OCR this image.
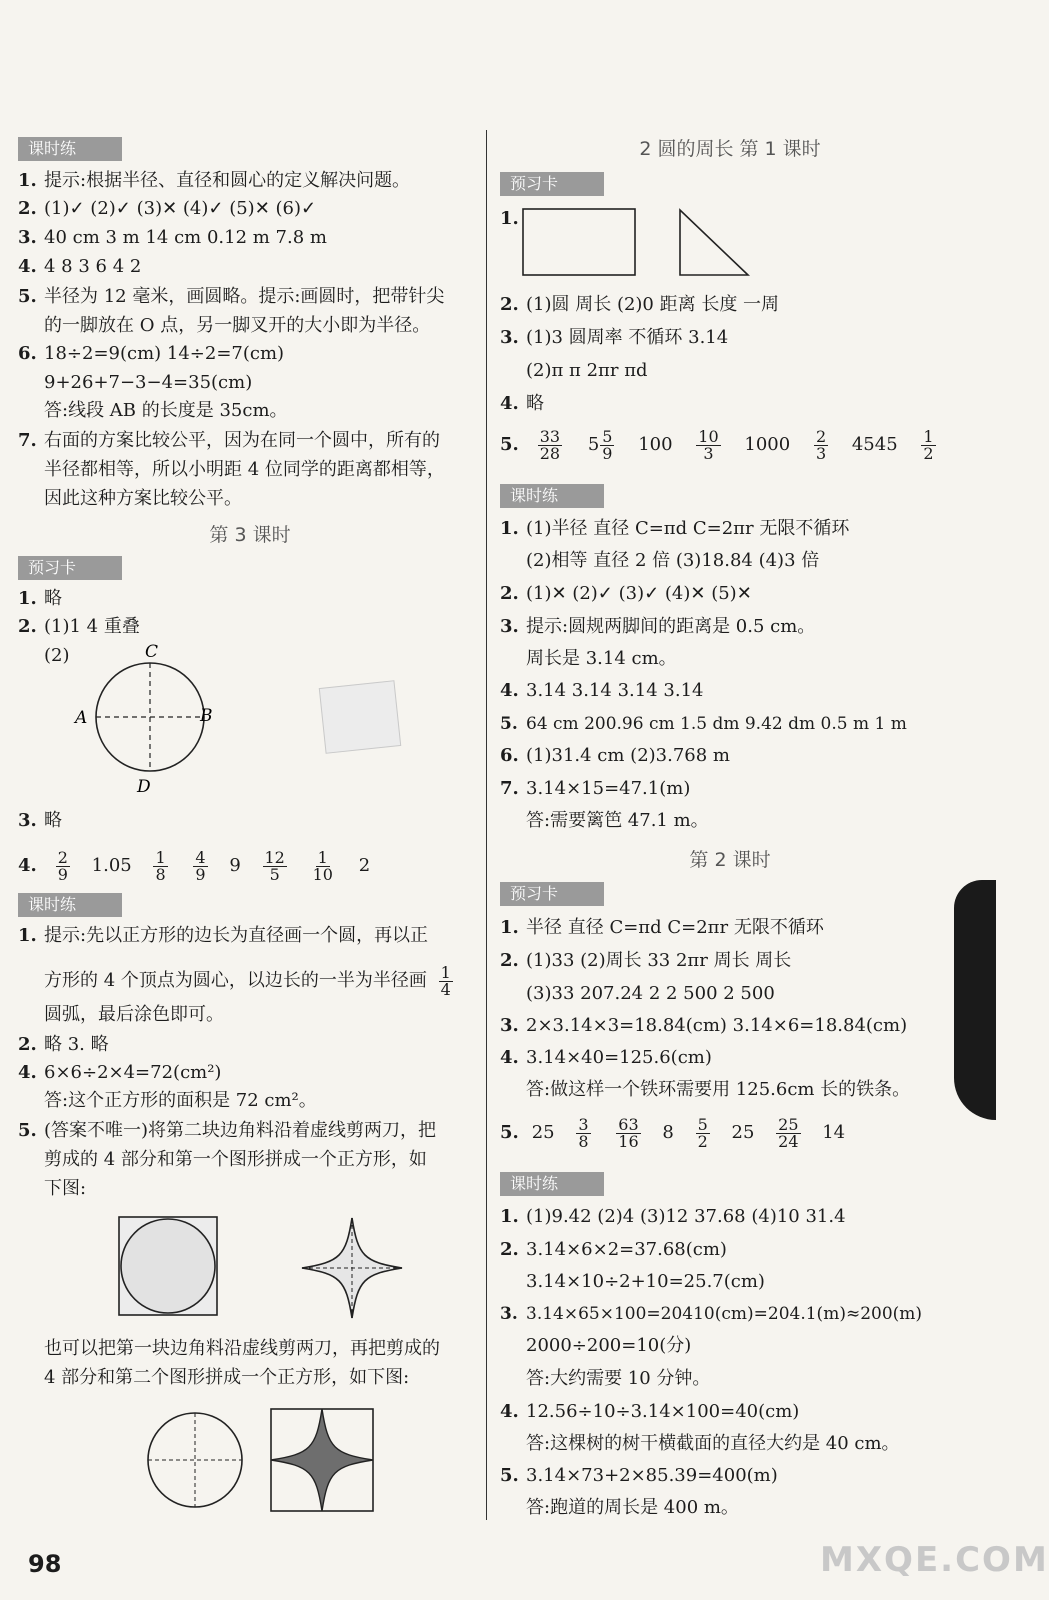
课时练
1. 提示:根据半径、直径和圆心的定义解决问题。
2. (1)✓ (2)✓ (3)✕ (4)✓ (5)✕ (6)✓
3. 40 cm 3 m 14 cm 0.12 m 7.8 m
4. 4 8 3 6 4 2
5. 半径为 12 毫米，画圆略。提示:画圆时，把带针尖
的一脚放在 O 点，另一脚叉开的大小即为半径。
6. 18÷2=9(cm) 14÷2=7(cm)
9+26+7−3−4=35(cm)
答:线段 AB 的长度是 35cm。
7. 右面的方案比较公平，因为在同一个圆中，所有的
半径都相等，所以小明距 4 位同学的距离都相等，
因此这种方案比较公平。
第 3 课时
预习卡
1. 略
2. (1)1 4 重叠
(2)	C
A	B
D
3. 略
4. $\frac{2}{9} 1.05 \frac{1}{8}$
$\frac{4}{9} 9 \frac{12}{5}$
$\frac{1}{10} 2$
课时练
1. 提示:先以正方形的边长为直径画一个圆，再以正
方形的 4 个顶点为圆心，以边长的一半为半径画 $\frac{1}{4}$
圆弧，最后涂色即可。
2. 略 3. 略
4. 6×6÷2×4=72(cm²)
答:这个正方形的面积是 72 cm²。
5. (答案不唯一)将第二块边角料沿着虚线剪两刀，把
剪成的 4 部分和第一个图形拼成一个正方形，如
下图:
也可以把第一块边角料沿虚线剪两刀，再把剪成的
4 部分和第二个图形拼成一个正方形，如下图:
2 圆的周长 第 1 课时
预习卡
1.
2. (1)圆 周长 (2)0 距离 长度 一周
3. (1)3 圆周率 不循环 3.14
(2)π π 2πr πd
4. 略
5. $\frac{33}{28}$
$5 \frac{5}{9} 100 \frac{10}{3} 1000 \frac{2}{3} 4545 \frac{1}{2}$
课时练
1. (1)半径 直径 C=πd C=2πr 无限不循环
(2)相等 直径 2 倍 (3)18.84 (4)3 倍
2. (1)✕ (2)✓ (3)✓ (4)✕ (5)✕
3. 提示:圆规两脚间的距离是 0.5 cm。
周长是 3.14 cm。
4. 3.14 3.14 3.14 3.14
5. 64 cm 200.96 cm 1.5 dm 9.42 dm 0.5 m 1 m
6. (1)31.4 cm (2)3.768 m
7. 3.14×15=47.1(m)
答:需要篱笆 47.1 m。
第 2 课时
预习卡
1. 半径 直径 C=πd C=2πr 无限不循环
2. (1)33 (2)周长 33 2πr 周长 周长
(3)33 207.24 2 2 500 2 500
3. 2×3.14×3=18.84(cm) 3.14×6=18.84(cm)
4. 3.14×40=125.6(cm)
答:做这样一个铁环需要用 125.6cm 长的铁条。
5. $25 \frac{3}{8}$
$\frac{63}{16} 8 \frac{5}{2} 25 \frac{25}{24} 14$
课时练
1. (1)9.42 (2)4 (3)12 37.68 (4)10 31.4
2. 3.14×6×2=37.68(cm)
3.14×10÷2+10=25.7(cm)
3. 3.14×65×100=20410(cm)=204.1(m)≈200(m)
2000÷200=10(分)
答:大约需要 10 分钟。
4. 12.56÷10÷3.14×100=40(cm)
答:这棵树的树干横截面的直径大约是 40 cm。
5. 3.14×73+2×85.39=400(m)
答:跑道的周长是 400 m。
98	MXQE.COM
